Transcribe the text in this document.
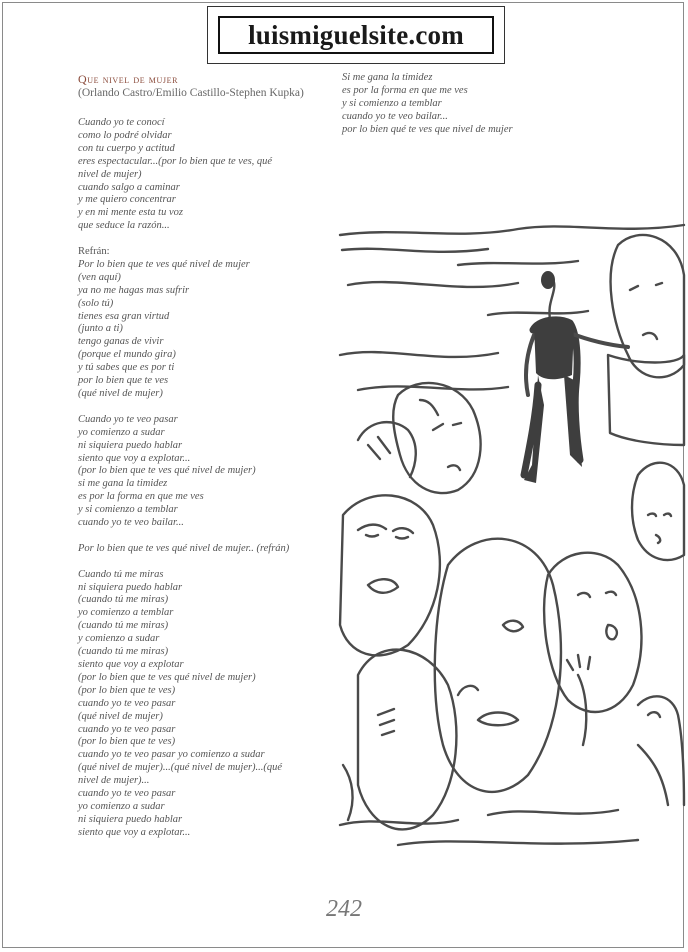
luismiguelsite.com
Que nivel de mujer
(Orlando Castro/Emilio Castillo-Stephen Kupka)
Cuando yo te conocí
como lo podré olvidar
con tu cuerpo y actitud
eres espectacular...(por lo bien que te ves, qué
nivel de mujer)
cuando salgo a caminar
y me quiero concentrar
y en mi mente esta tu voz
que seduce la razón...
Refrán:
Por lo bien que te ves qué nivel de mujer
(ven aquí)
ya no me hagas mas sufrir
(solo tú)
tienes esa gran virtud
(junto a ti)
tengo ganas de vivir
(porque el mundo gira)
y tú sabes que es por ti
por lo bien que te ves
(qué nivel de mujer)
Cuando yo te veo pasar
yo comienzo a sudar
ni siquiera puedo hablar
siento que voy a explotar...
(por lo bien que te ves qué nivel de mujer)
si me gana la timidez
es por la forma en que me ves
y si comienzo a temblar
cuando yo te veo bailar...
Por lo bien que te ves qué nivel de mujer.. (refrán)
Cuando tú me miras
ni siquiera puedo hablar
(cuando tú me miras)
yo comienzo a temblar
(cuando tú me miras)
y comienzo a sudar
(cuando tú me miras)
siento que voy a explotar
(por lo bien que te ves qué nivel de mujer)
(por lo bien que te ves)
cuando yo te veo pasar
(qué nivel de mujer)
cuando yo te veo pasar
(por lo bien que te ves)
cuando yo te veo pasar yo comienzo a sudar
(qué nivel de mujer)...(qué nivel de mujer)...(qué
nivel de mujer)...
cuando yo te veo pasar
yo comienzo a sudar
ni siquiera puedo hablar
siento que voy a explotar...
Si me gana la timidez
es por la forma en que me ves
y si comienzo a temblar
cuando yo te veo bailar...
por lo bien qué te ves que nivel de mujer
242
